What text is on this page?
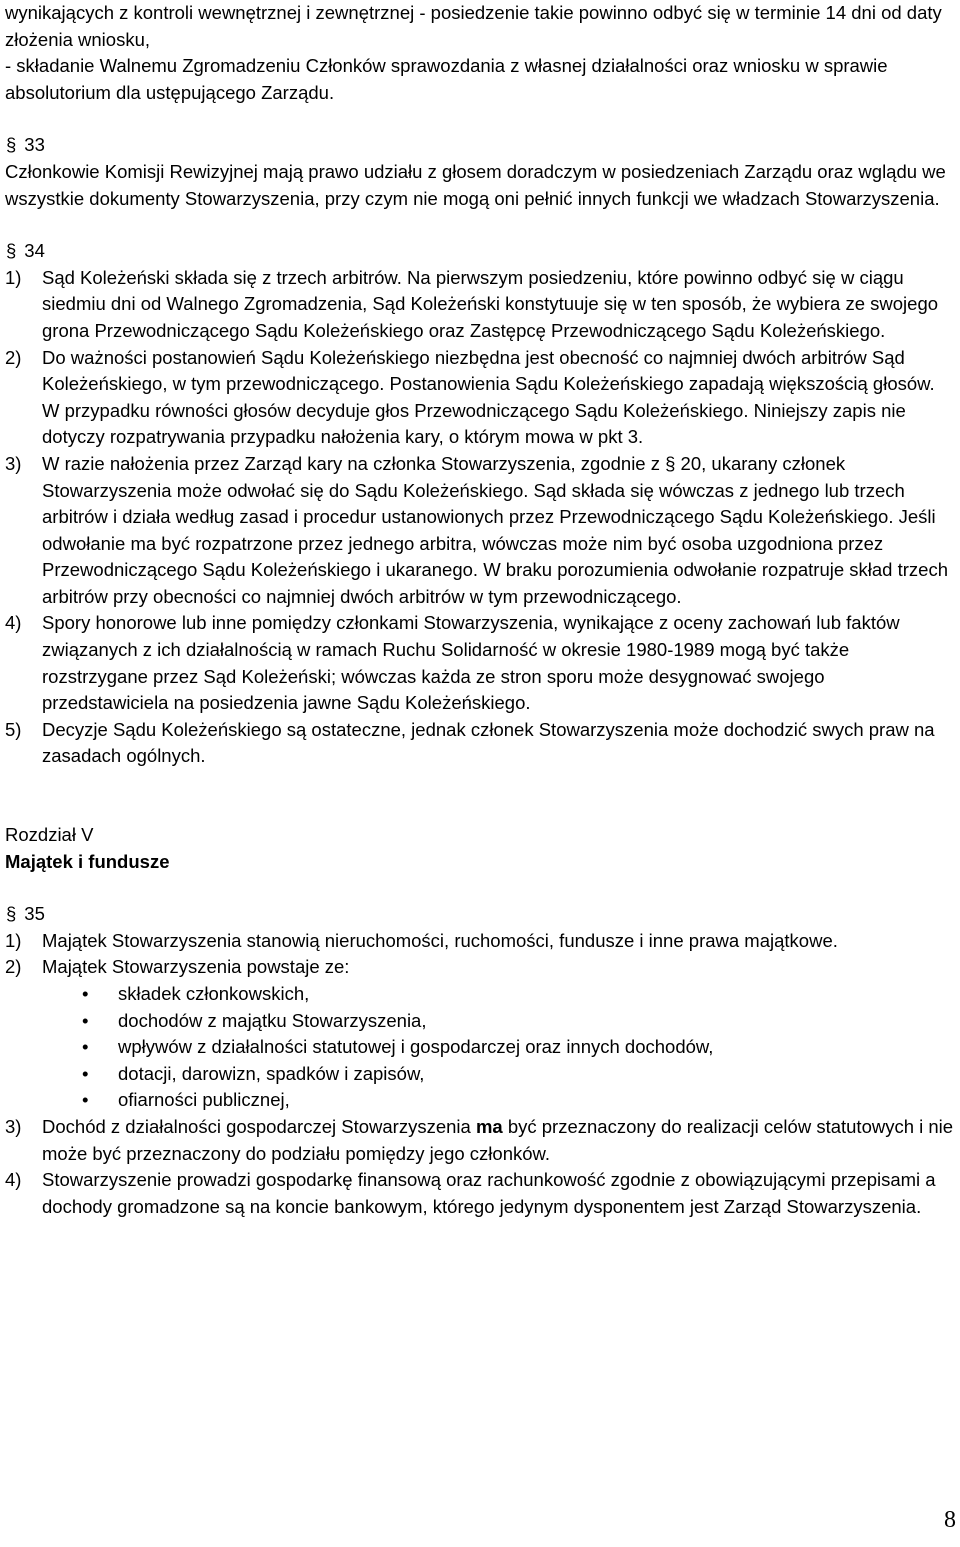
wynikających z kontroli wewnętrznej i zewnętrznej - posiedzenie takie powinno odbyć się w terminie 14 dni od daty złożenia wniosku,

- składanie Walnemu Zgromadzeniu Członków sprawozdania z własnej działalności oraz wniosku w sprawie absolutorium dla ustępującego Zarządu.

§ 33

Członkowie Komisji Rewizyjnej mają prawo udziału z głosem doradczym w posiedzeniach Zarządu oraz wglądu we wszystkie dokumenty Stowarzyszenia, przy czym nie mogą oni pełnić innych funkcji we władzach Stowarzyszenia.

§ 34

1) Sąd Koleżeński składa się z trzech arbitrów. Na pierwszym posiedzeniu, które powinno odbyć się w ciągu siedmiu dni od Walnego Zgromadzenia, Sąd Koleżeński konstytuuje się w ten sposób, że wybiera ze swojego grona Przewodniczącego Sądu Koleżeńskiego oraz Zastępcę Przewodniczącego Sądu Koleżeńskiego.
2) Do ważności postanowień Sądu Koleżeńskiego niezbędna jest obecność co najmniej dwóch arbitrów Sąd Koleżeńskiego, w tym przewodniczącego. Postanowienia Sądu Koleżeńskiego zapadają większością głosów. W przypadku równości głosów decyduje głos Przewodniczącego Sądu Koleżeńskiego. Niniejszy zapis nie dotyczy rozpatrywania przypadku nałożenia kary, o którym mowa w pkt 3.
3) W razie nałożenia przez Zarząd kary na członka Stowarzyszenia, zgodnie z § 20, ukarany członek Stowarzyszenia może odwołać się do Sądu Koleżeńskiego. Sąd składa się wówczas z jednego lub trzech arbitrów i działa według zasad i procedur ustanowionych przez Przewodniczącego Sądu Koleżeńskiego. Jeśli odwołanie ma być rozpatrzone przez jednego arbitra, wówczas może nim być osoba uzgodniona przez Przewodniczącego Sądu Koleżeńskiego i ukaranego. W braku porozumienia odwołanie rozpatruje skład trzech arbitrów przy obecności co najmniej dwóch arbitrów w tym przewodniczącego.
4) Spory honorowe lub inne pomiędzy członkami Stowarzyszenia, wynikające z oceny zachowań lub faktów związanych z ich działalnością w ramach Ruchu Solidarność w okresie 1980-1989 mogą być także rozstrzygane przez Sąd Koleżeński; wówczas każda ze stron sporu może desygnować swojego przedstawiciela na posiedzenia jawne Sądu Koleżeńskiego.
5) Decyzje Sądu Koleżeńskiego są ostateczne, jednak członek Stowarzyszenia może dochodzić swych praw na zasadach ogólnych.

Rozdział V

Majątek i fundusze

§ 35

1) Majątek Stowarzyszenia stanowią nieruchomości, ruchomości, fundusze i inne prawa majątkowe.
2) Majątek Stowarzyszenia powstaje ze:
• składek członkowskich,
• dochodów z majątku Stowarzyszenia,
• wpływów z działalności statutowej i gospodarczej oraz innych dochodów,
• dotacji, darowizn, spadków i zapisów,
• ofiarności publicznej,
3) Dochód z działalności gospodarczej Stowarzyszenia ma być przeznaczony do realizacji celów statutowych i nie może być przeznaczony do podziału pomiędzy jego członków.
4) Stowarzyszenie prowadzi gospodarkę finansową oraz rachunkowość zgodnie z obowiązującymi przepisami a dochody gromadzone są na koncie bankowym, którego jedynym dysponentem jest Zarząd Stowarzyszenia.
8
